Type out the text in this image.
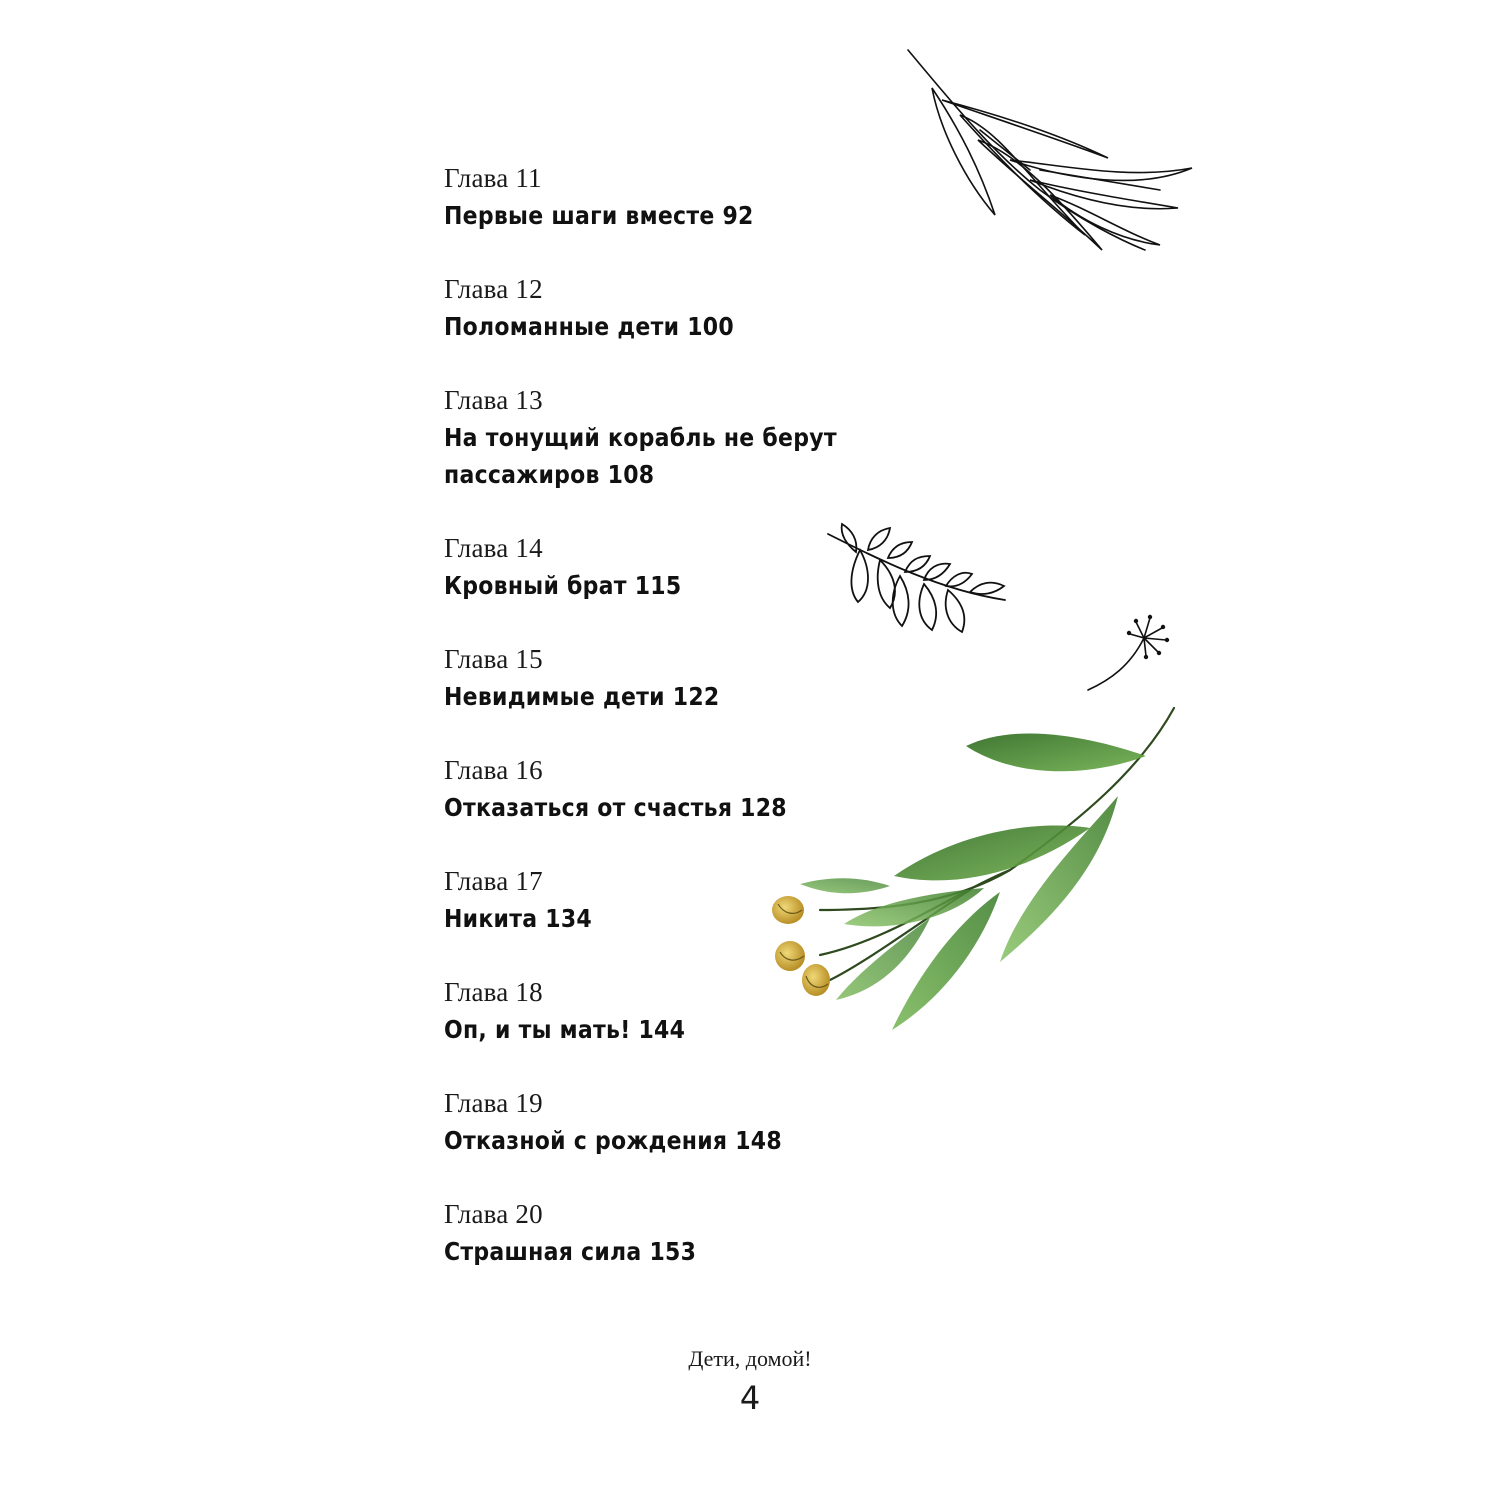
Глава 11
Первые шаги вместе 92
Глава 12
Поломанные дети 100
Глава 13
На тонущий корабль не берут
пассажиров 108
Глава 14
Кровный брат 115
Глава 15
Невидимые дети 122
Глава 16
Отказаться от счастья 128
Глава 17
Никита 134
Глава 18
Оп, и ты мать! 144
Глава 19
Отказной с рождения 148
Глава 20
Страшная сила 153
Дети, домой!
4
